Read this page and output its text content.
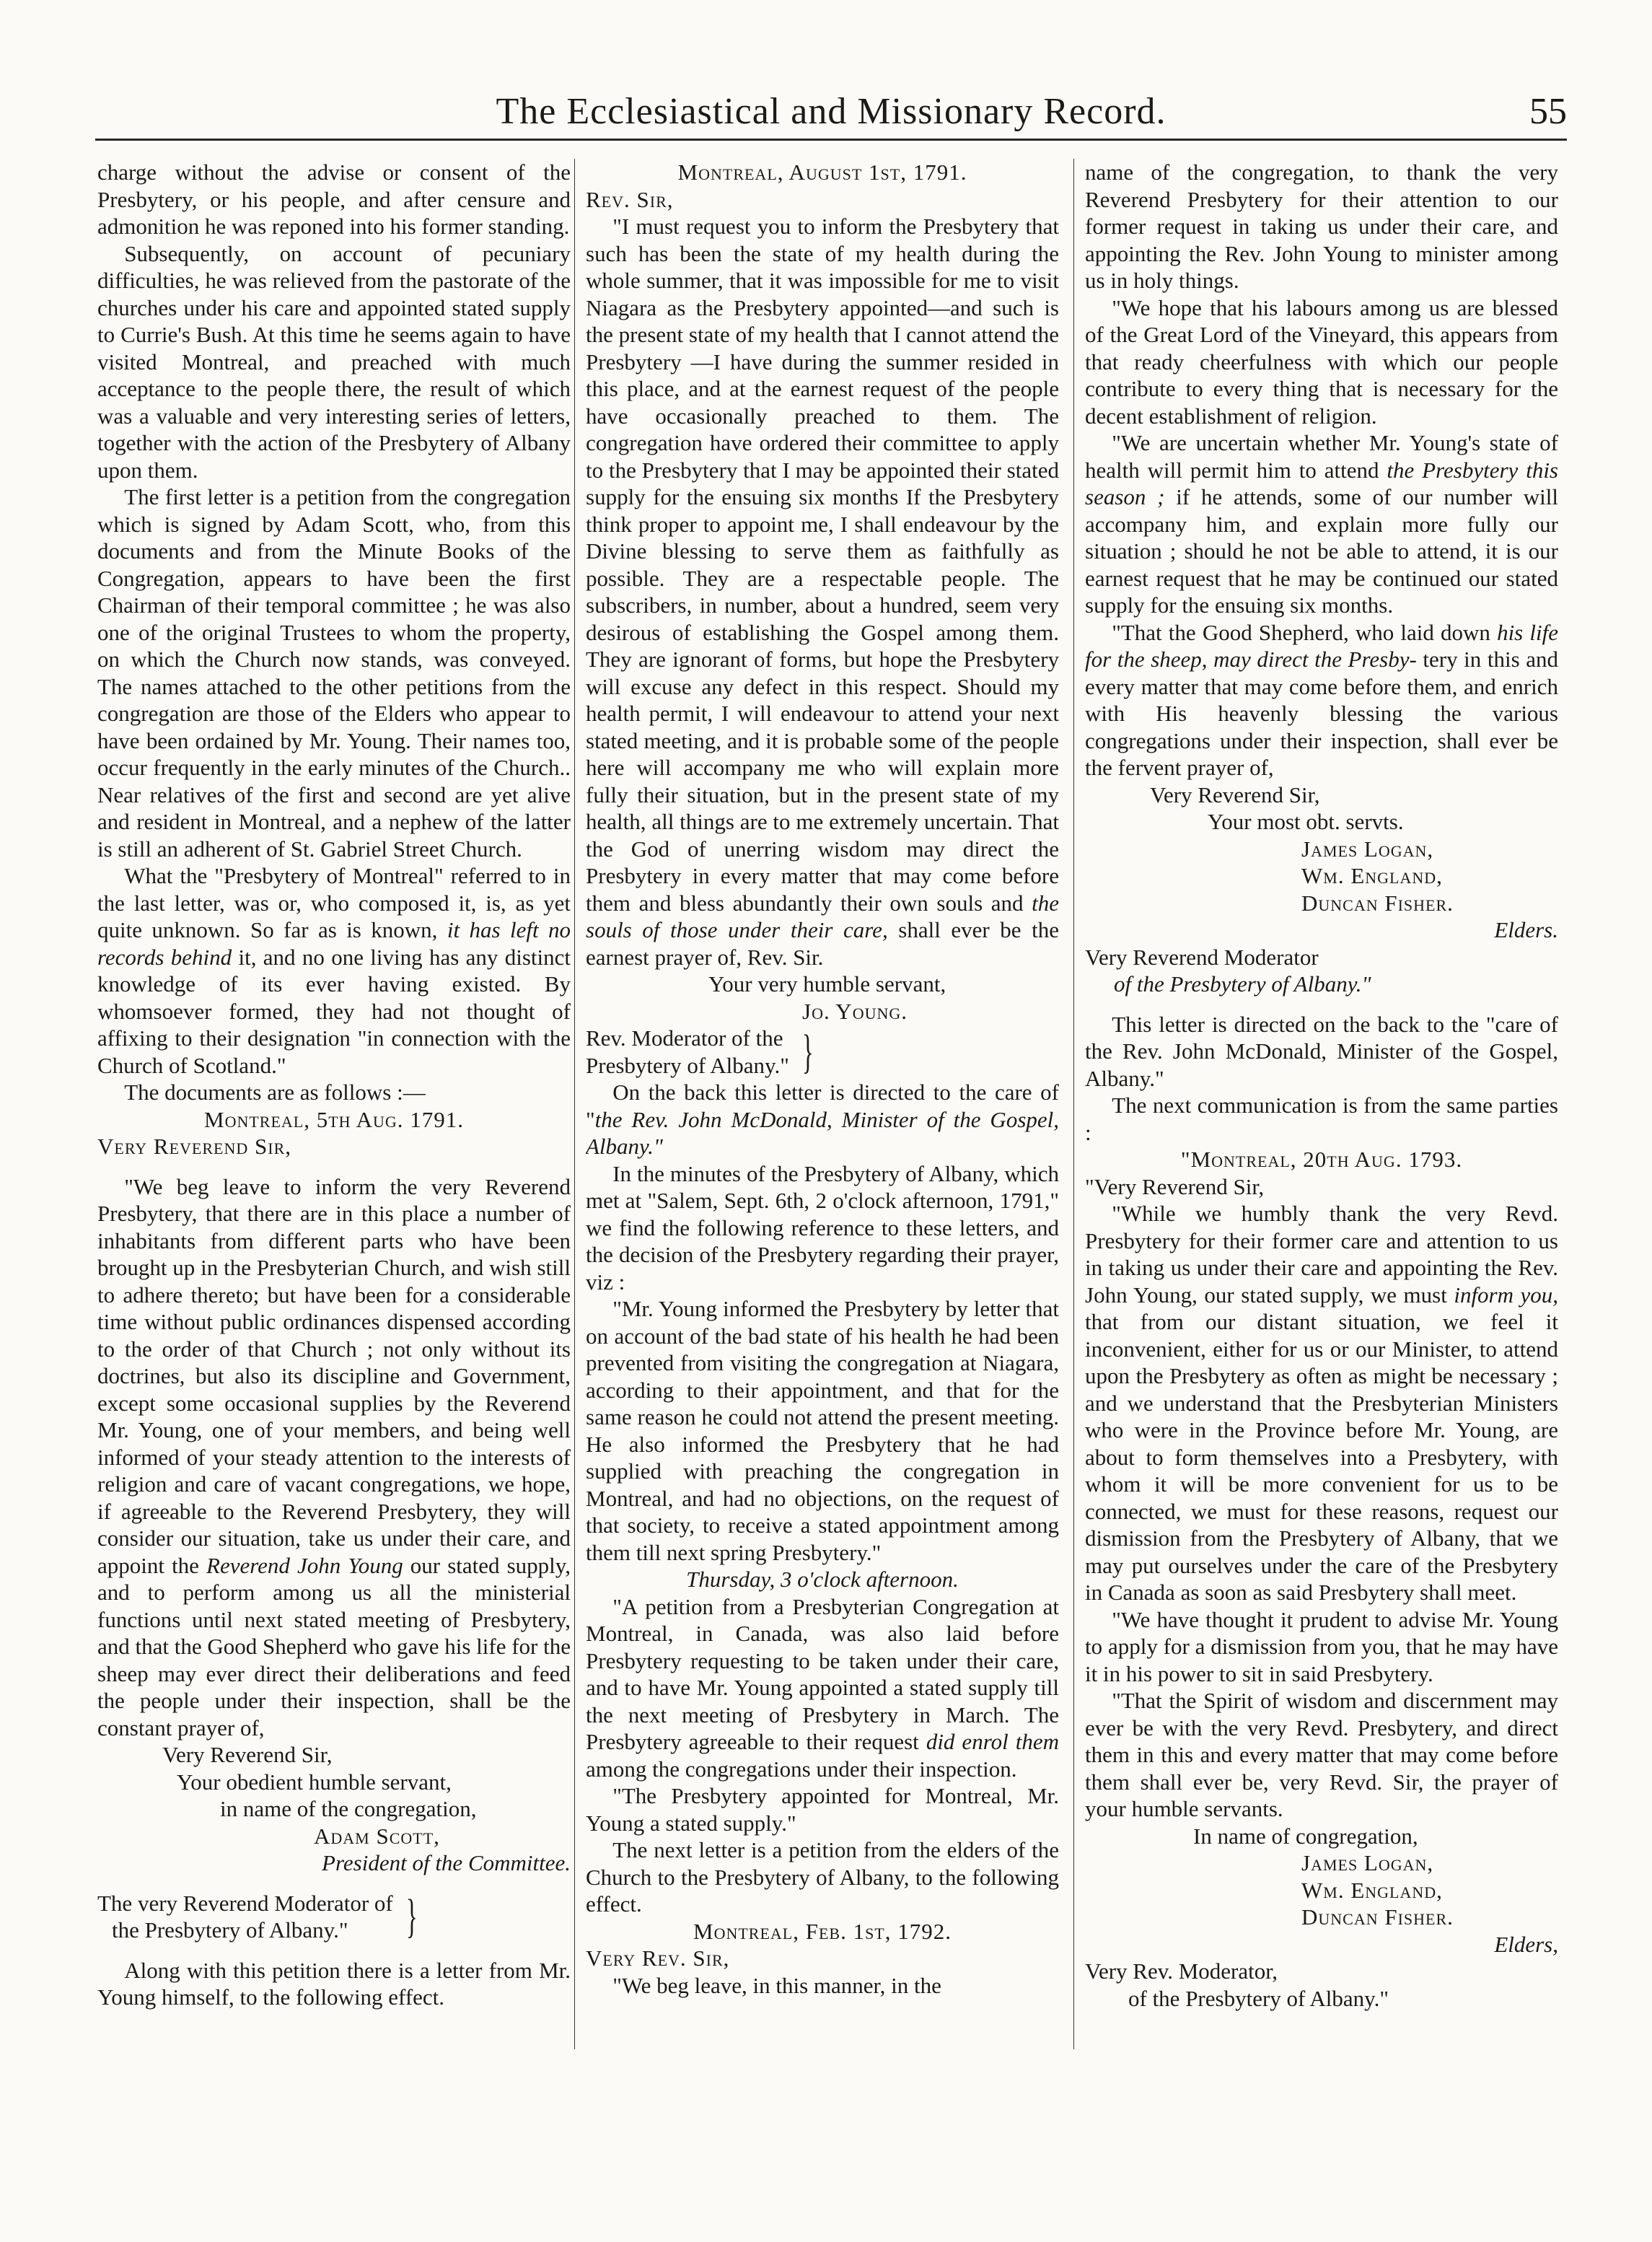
The Ecclesiastical and Missionary Record.	55

charge without the advise or consent of the Presbytery, or his people, and after censure and admonition he was reponed into his former standing.

Subsequently, on account of pecuniary difficulties, he was relieved from the pastorate of the churches under his care and appointed stated supply to Currie's Bush. At this time he seems again to have visited Montreal, and preached with much acceptance to the people there, the result of which was a valuable and very interesting series of letters, together with the action of the Presbytery of Albany upon them.

The first letter is a petition from the congregation which is signed by Adam Scott, who, from this documents and from the Minute Books of the Congregation, appears to have been the first Chairman of their temporal committee ; he was also one of the original Trustees to whom the property, on which the Church now stands, was conveyed. The names attached to the other petitions from the congregation are those of the Elders who appear to have been ordained by Mr. Young. Their names too, occur frequently in the early minutes of the Church.. Near relatives of the first and second are yet alive and resident in Montreal, and a nephew of the latter is still an adherent of St. Gabriel Street Church.

What the "Presbytery of Montreal" referred to in the last letter, was or, who composed it, is, as yet quite unknown. So far as is known, it has left no records behind it, and no one living has any distinct knowledge of its ever having existed. By whomsoever formed, they had not thought of affixing to their designation "in connection with the Church of Scotland."

The documents are as follows :—

Montreal, 5th Aug. 1791.

Very Reverend Sir,

"We beg leave to inform the very Reverend Presbytery, that there are in this place a number of inhabitants from different parts who have been brought up in the Presbyterian Church, and wish still to adhere thereto; but have been for a considerable time without public ordinances dispensed according to the order of that Church ; not only without its doctrines, but also its discipline and Government, except some occasional supplies by the Reverend Mr. Young, one of your members, and being well informed of your steady attention to the interests of religion and care of vacant congregations, we hope, if agreeable to the Reverend Presbytery, they will consider our situation, take us under their care, and appoint the Reverend John Young our stated supply, and to perform among us all the ministerial functions until next stated meeting of Presbytery, and that the Good Shepherd who gave his life for the sheep may ever direct their deliberations and feed the people under their inspection, shall be the constant prayer of,

Very Reverend Sir,

Your obedient humble servant,

in name of the congregation,

Adam Scott,

President of the Committee.

The very Reverend Moderator of

the Presbytery of Albany."	}

Along with this petition there is a letter from Mr. Young himself, to the following effect.

Montreal, August 1st, 1791.

Rev. Sir,

"I must request you to inform the Presbytery that such has been the state of my health during the whole summer, that it was impossible for me to visit Niagara as the Presbytery appointed—and such is the present state of my health that I cannot attend the Presbytery —I have during the summer resided in this place, and at the earnest request of the people have occasionally preached to them. The congregation have ordered their committee to apply to the Presbytery that I may be appointed their stated supply for the ensuing six months If the Presbytery think proper to appoint me, I shall endeavour by the Divine blessing to serve them as faithfully as possible. They are a respectable people. The subscribers, in number, about a hundred, seem very desirous of establishing the Gospel among them. They are ignorant of forms, but hope the Presbytery will excuse any defect in this respect. Should my health permit, I will endeavour to attend your next stated meeting, and it is probable some of the people here will accompany me who will explain more fully their situation, but in the present state of my health, all things are to me extremely uncertain. That the God of unerring wisdom may direct the Presbytery in every matter that may come before them and bless abundantly their own souls and the souls of those under their care, shall ever be the earnest prayer of, Rev. Sir.

Your very humble servant,

Jo. Young.

Rev. Moderator of the

Presbytery of Albany." }

On the back this letter is directed to the care of "the Rev. John McDonald, Minister of the Gospel, Albany."

In the minutes of the Presbytery of Albany, which met at "Salem, Sept. 6th, 2 o'clock afternoon, 1791," we find the following reference to these letters, and the decision of the Presbytery regarding their prayer, viz :

"Mr. Young informed the Presbytery by letter that on account of the bad state of his health he had been prevented from visiting the congregation at Niagara, according to their appointment, and that for the same reason he could not attend the present meeting. He also informed the Presbytery that he had supplied with preaching the congregation in Montreal, and had no objections, on the request of that society, to receive a stated appointment among them till next spring Presbytery."

Thursday, 3 o'clock afternoon.

"A petition from a Presbyterian Congregation at Montreal, in Canada, was also laid before Presbytery requesting to be taken under their care, and to have Mr. Young appointed a stated supply till the next meeting of Presbytery in March. The Presbytery agreeable to their request did enrol them among the congregations under their inspection.

"The Presbytery appointed for Montreal, Mr. Young a stated supply."

The next letter is a petition from the elders of the Church to the Presbytery of Albany, to the following effect.

Montreal, Feb. 1st, 1792.

Very Rev. Sir,

"We beg leave, in this manner, in the

name of the congregation, to thank the very Reverend Presbytery for their attention to our former request in taking us under their care, and appointing the Rev. John Young to minister among us in holy things.

"We hope that his labours among us are blessed of the Great Lord of the Vineyard, this appears from that ready cheerfulness with which our people contribute to every thing that is necessary for the decent establishment of religion.

"We are uncertain whether Mr. Young's state of health will permit him to attend the Presbytery this season ; if he attends, some of our number will accompany him, and explain more fully our situation ; should he not be able to attend, it is our earnest request that he may be continued our stated supply for the ensuing six months.

"That the Good Shepherd, who laid down his life for the sheep, may direct the Presby- tery in this and every matter that may come before them, and enrich with His heavenly blessing the various congregations under their inspection, shall ever be the fervent prayer of,

Very Reverend Sir,

Your most obt. servts.

James Logan,

Wm. England,

Duncan Fisher.

Elders.

Very Reverend Moderator

of the Presbytery of Albany."

This letter is directed on the back to the "care of the Rev. John McDonald, Minister of the Gospel, Albany."

The next communication is from the same parties :

"Montreal, 20th Aug. 1793.

"Very Reverend Sir,

"While we humbly thank the very Revd. Presbytery for their former care and attention to us in taking us under their care and appointing the Rev. John Young, our stated supply, we must inform you, that from our distant situation, we feel it inconvenient, either for us or our Minister, to attend upon the Presbytery as often as might be necessary ; and we understand that the Presbyterian Ministers who were in the Province before Mr. Young, are about to form themselves into a Presbytery, with whom it will be more convenient for us to be connected, we must for these reasons, request our dismission from the Presbytery of Albany, that we may put ourselves under the care of the Presbytery in Canada as soon as said Presbytery shall meet.

"We have thought it prudent to advise Mr. Young to apply for a dismission from you, that he may have it in his power to sit in said Presbytery.

"That the Spirit of wisdom and discernment may ever be with the very Revd. Presbytery, and direct them in this and every matter that may come before them shall ever be, very Revd. Sir, the prayer of your humble servants.

In name of congregation,

James Logan,

Wm. England,

Duncan Fisher.

Elders,

Very Rev. Moderator,

of the Presbytery of Albany."
